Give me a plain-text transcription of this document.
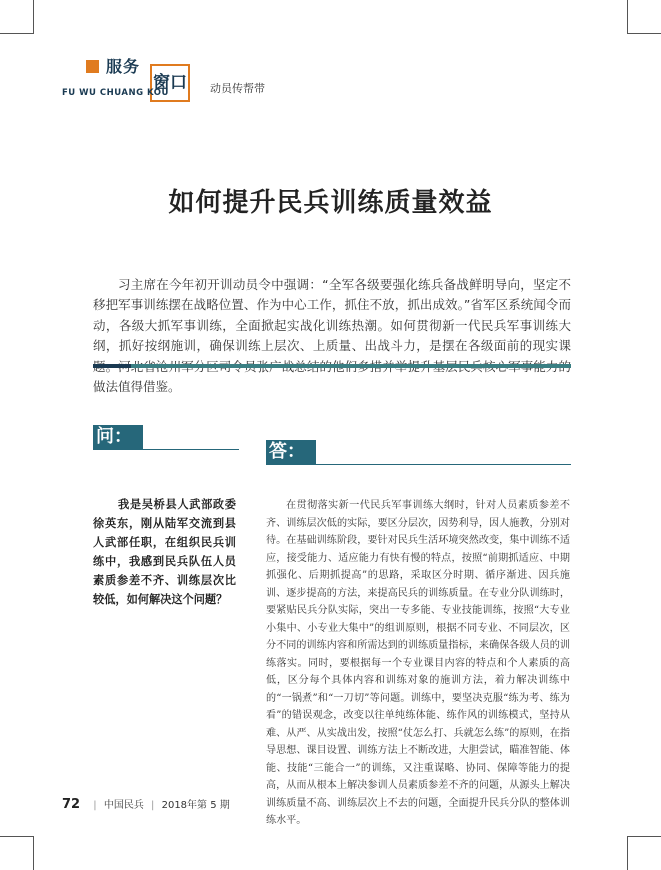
服务
窗口
FU WU CHUANG KOU	动员传帮带
如何提升民兵训练质量效益

习主席在今年初开训动员令中强调：“全军各级要强化练兵备战鲜明导向，坚定不移把军事训练摆在战略位置、作为中心工作，抓住不放，抓出成效。”省军区系统闻令而动，各级大抓军事训练，全面掀起实战化训练热潮。如何贯彻新一代民兵军事训练大纲，抓好按纲施训，确保训练上层次、上质量、出战斗力，是摆在各级面前的现实课 做法值得借鉴。

问：

我是吴桥县人武部政委徐英东，刚从陆军交流到县人武部任职，在组织民兵训练中，我感到民兵队伍人员素质参差不齐、训练层次比较低，如何解决这个问题？

答：

在贯彻落实新一代民兵军事训练大纲时，针对人员素质参差不齐、训练层次低的实际，要区分层次，因势利导，因人施教，分别对待。在基础训练阶段，要针对民兵生活环境突然改变，集中训练不适应，接受能力、适应能力有快有慢的特点，按照“前期抓适应、中期抓强化、后期抓提高”的思路，采取区分时期、循序渐进、因兵施训、逐步提高的方法，来提高民兵的训练质量。在专业分队训练时，要紧贴民兵分队实际，突出一专多能、专业技能训练，按照“大专业小集中、小专业大集中”的组训原则，根据不同专业、不同层次，区分不同的训练内容和所需达到的训练质量指标，来确保各级人员的训练落实。同时，要根据每一个专业课目内容的特点和个人素质的高低，区分每个具体内容和训练对象的施训方法，着力解决训练中的“一锅煮”和“一刀切”等问题。训练中，要坚决克服“练为考、练为看”的错误观念，改变以往单纯练体能、练作风的训练模式，坚持从难、从严、从实战出发，按照“仗怎么打、兵就怎么练”的原则，在指导思想、课目设置、训练方法上不断改进，大胆尝试，瞄准智能、体能、技能“三能合一”的训练，又注重谋略、协同、保障等能力的提高，从而从根本上解决参训人员素质参差不齐的问题，从源头上解决训练质量不高、训练层次上不去的问题，全面提升民兵分队的整体训练水平。

72 | 中国民兵 | 2018年第 5 期
